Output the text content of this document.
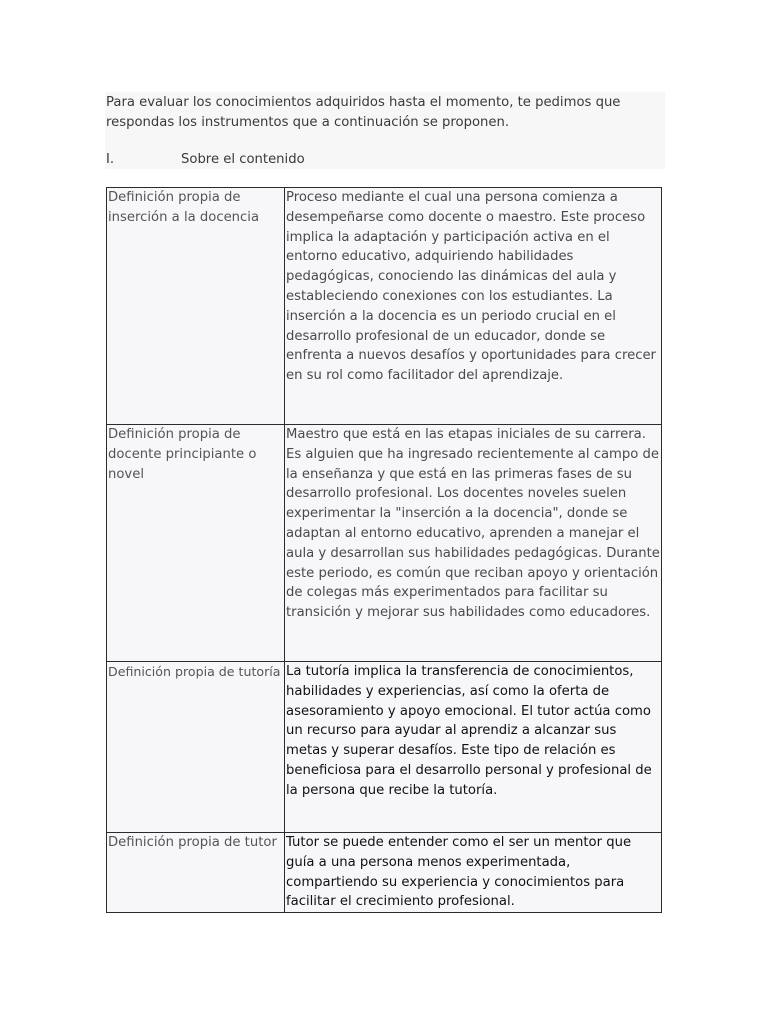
Para evaluar los conocimientos adquiridos hasta el momento, te pedimos que respondas los instrumentos que a continuación se proponen.

I.	Sobre el contenido
Definición propia de inserción a la docencia	Proceso mediante el cual una persona comienza a desempeñarse como docente o maestro. Este proceso implica la adaptación y participación activa en el entorno educativo, adquiriendo habilidades pedagógicas, conociendo las dinámicas del aula y estableciendo conexiones con los estudiantes. La inserción a la docencia es un periodo crucial en el desarrollo profesional de un educador, donde se enfrenta a nuevos desafíos y oportunidades para crecer en su rol como facilitador del aprendizaje.
Definición propia de docente principiante o novel	Maestro que está en las etapas iniciales de su carrera. Es alguien que ha ingresado recientemente al campo de la enseñanza y que está en las primeras fases de su desarrollo profesional. Los docentes noveles suelen experimentar la "inserción a la docencia", donde se adaptan al entorno educativo, aprenden a manejar el aula y desarrollan sus habilidades pedagógicas. Durante este periodo, es común que reciban apoyo y orientación de colegas más experimentados para facilitar su transición y mejorar sus habilidades como educadores.
Definición propia de tutoría	La tutoría implica la transferencia de conocimientos, habilidades y experiencias, así como la oferta de asesoramiento y apoyo emocional. El tutor actúa como un recurso para ayudar al aprendiz a alcanzar sus metas y superar desafíos. Este tipo de relación es beneficiosa para el desarrollo personal y profesional de la persona que recibe la tutoría.
Definición propia de tutor	Tutor se puede entender como el ser un mentor que guía a una persona menos experimentada, compartiendo su experiencia y conocimientos para facilitar el crecimiento profesional.
